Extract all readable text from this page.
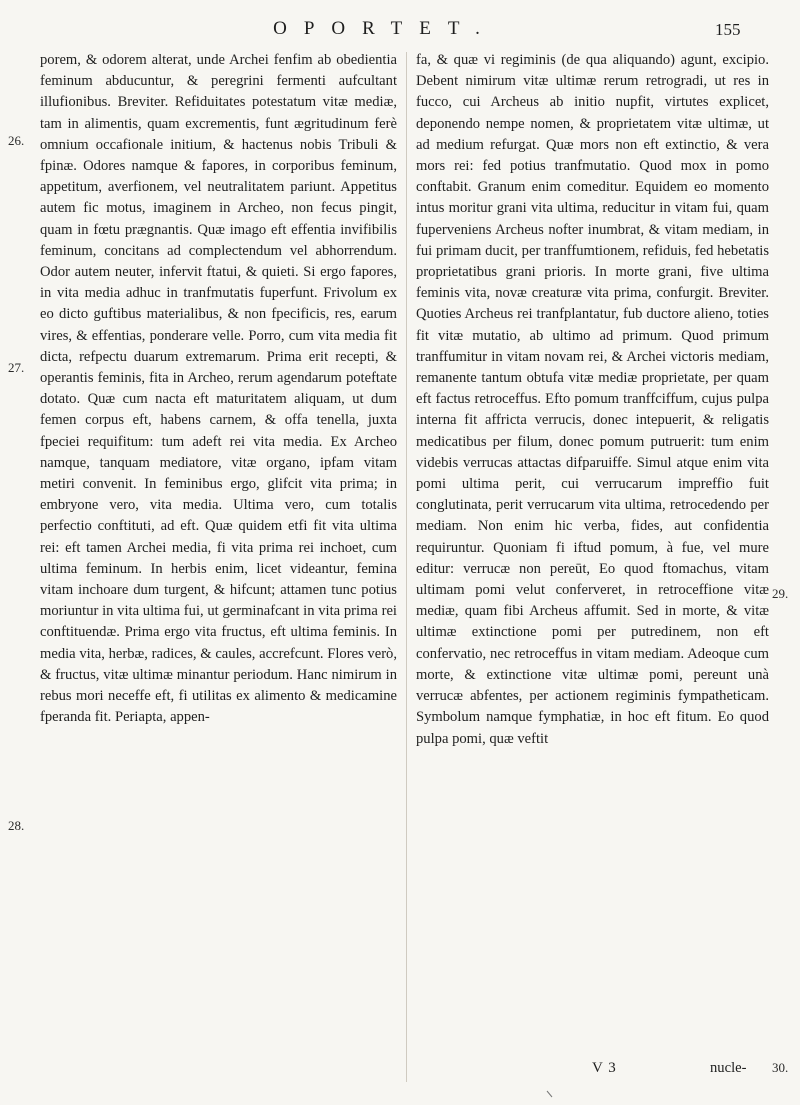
OPORTET.	155
26.
27.
28.
29.
30.

porem, & odorem alterat, unde Archei fenfim ab obedientia feminum abducuntur, & peregrini fermenti aufcultant illufionibus. Breviter. Refiduitates potestatum vitæ mediæ, tam in alimentis, quam excrementis, funt ægritudinum ferè omnium occafionale initium, & hactenus nobis Tribuli & fpinæ. Odores namque & fapores, in corporibus feminum, appetitum, averfionem, vel neutralitatem pariunt. Appetitus autem fic motus, imaginem in Archeo, non fecus pingit, quam in fœtu prægnantis. Quæ imago eft effentia invifibilis feminum, concitans ad complectendum vel abhorrendum. Odor autem neuter, infervit ftatui, & quieti. Si ergo fapores, in vita media adhuc in tranfmutatis fuperfunt. Frivolum ex eo dicto guftibus materialibus, & non fpecificis, res, earum vires, & effentias, ponderare velle. Porro, cum vita media fit dicta, refpectu duarum extremarum. Prima erit recepti, & operantis feminis, fita in Archeo, rerum agendarum poteftate dotato. Quæ cum nacta eft maturitatem aliquam, ut dum femen corpus eft, habens carnem, & offa tenella, juxta fpeciei requifitum: tum adeft rei vita media. Ex Archeo namque, tanquam mediatore, vitæ organo, ipfam vitam metiri convenit. In feminibus ergo, glifcit vita prima; in embryone vero, vita media. Ultima vero, cum totalis perfectio conftituti, ad eft. Quæ quidem etfi fit vita ultima rei: eft tamen Archei media, fi vita prima rei inchoet, cum ultima feminum. In herbis enim, licet videantur, femina vitam inchoare dum turgent, & hifcunt; attamen tunc potius moriuntur in vita ultima fui, ut germinafcant in vita prima rei conftituendæ. Prima ergo vita fructus, eft ultima feminis. In media vita, herbæ, radices, & caules, accrefcunt. Flores verò, & fructus, vitæ ultimæ minantur periodum. Hanc nimirum in rebus mori neceffe eft, fi utilitas ex alimento & medicamine fperanda fit. Periapta, appen-

fa, & quæ vi regiminis (de qua aliquando) agunt, excipio. Debent nimirum vitæ ultimæ rerum retrogradi, ut res in fucco, cui Archeus ab initio nupfit, virtutes explicet, deponendo nempe nomen, & proprietatem vitæ ultimæ, ut ad medium refurgat. Quæ mors non eft extinctio, & vera mors rei: fed potius tranfmutatio. Quod mox in pomo conftabit. Granum enim comeditur. Equidem eo momento intus moritur grani vita ultima, reducitur in vitam fui, quam fuperveniens Archeus nofter inumbrat, & vitam mediam, in fui primam ducit, per tranffumtionem, refiduis, fed hebetatis proprietatibus grani prioris. In morte grani, five ultima feminis vita, novæ creaturæ vita prima, confurgit. Breviter. Quoties Archeus rei tranfplantatur, fub ductore alieno, toties fit vitæ mutatio, ab ultimo ad primum. Quod primum tranffumitur in vitam novam rei, & Archei victoris mediam, remanente tantum obtufa vitæ mediæ proprietate, per quam eft factus retroceffus. Efto pomum tranffciffum, cujus pulpa interna fit affricta verrucis, donec intepuerit, & religatis medicatibus per filum, donec pomum putruerit: tum enim videbis verrucas attactas difparuiffe. Simul atque enim vita pomi ultima perit, cui verrucarum impreffio fuit conglutinata, perit verrucarum vita ultima, retrocedendo per mediam. Non enim hic verba, fides, aut confidentia requiruntur. Quoniam fi iftud pomum, à fue, vel mure editur: verrucæ non pereūt, Eo quod ftomachus, vitam ultimam pomi velut conferveret, in retroceffione vitæ mediæ, quam fibi Archeus affumit. Sed in morte, & vitæ ultimæ extinctione pomi per putredinem, non eft confervatio, nec retroceffus in vitam mediam. Adeoque cum morte, & extinctione vitæ ultimæ pomi, pereunt unà verrucæ abfentes, per actionem regiminis fympatheticam. Symbolum namque fymphatiæ, in hoc eft fitum. Eo quod pulpa pomi, quæ veftit

V 3	nucle-
